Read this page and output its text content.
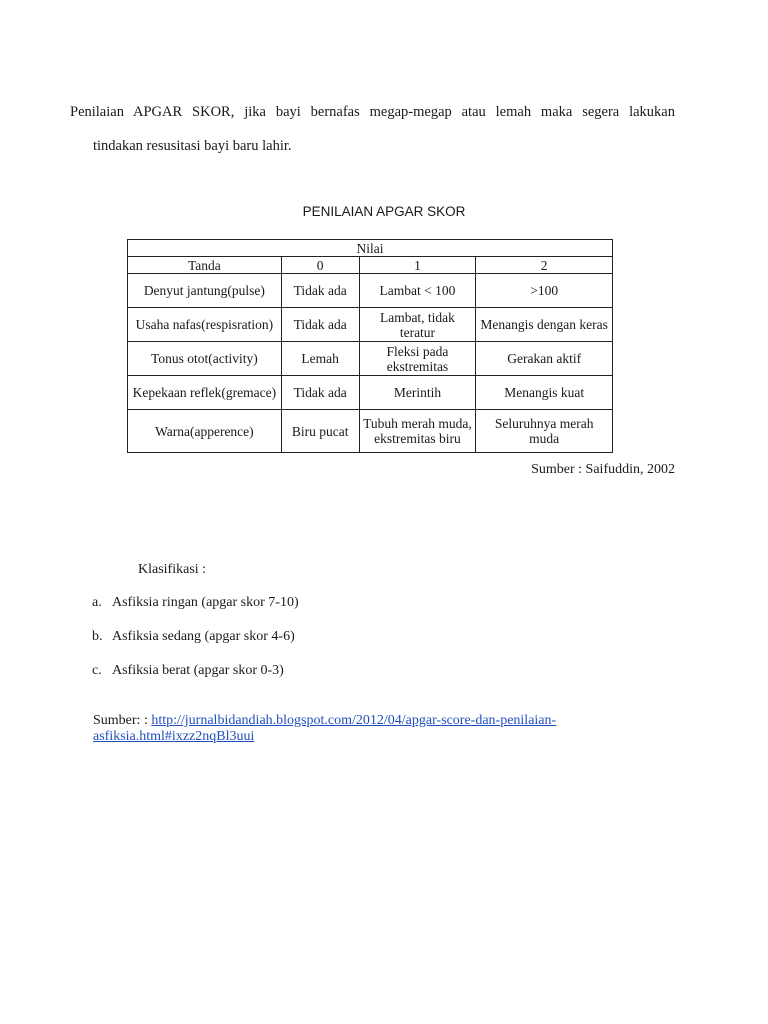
Penilaian APGAR SKOR, jika bayi bernafas megap-megap atau lemah maka segera lakukan
tindakan resusitasi bayi baru lahir.
PENILAIAN APGAR SKOR
Nilai			
Tanda	0	1	2
Denyut jantung(pulse)	Tidak ada	Lambat < 100	>100
Usaha nafas(respisration)	Tidak ada	Lambat, tidak teratur	Menangis dengan keras
Tonus otot(activity)	Lemah	Fleksi pada ekstremitas	Gerakan aktif
Kepekaan reflek(gremace)	Tidak ada	Merintih	Menangis kuat
Warna(apperence)	Biru pucat	Tubuh merah muda, ekstremitas biru	Seluruhnya merah muda
Sumber : Saifuddin, 2002
Klasifikasi :
a. Asfiksia ringan (apgar skor 7-10)
b. Asfiksia sedang (apgar skor 4-6)
c. Asfiksia berat (apgar skor 0-3)
Sumber: : http://jurnalbidandiah.blogspot.com/2012/04/apgar-score-dan-penilaian-asfiksia.html#ixzz2nqBl3uui
